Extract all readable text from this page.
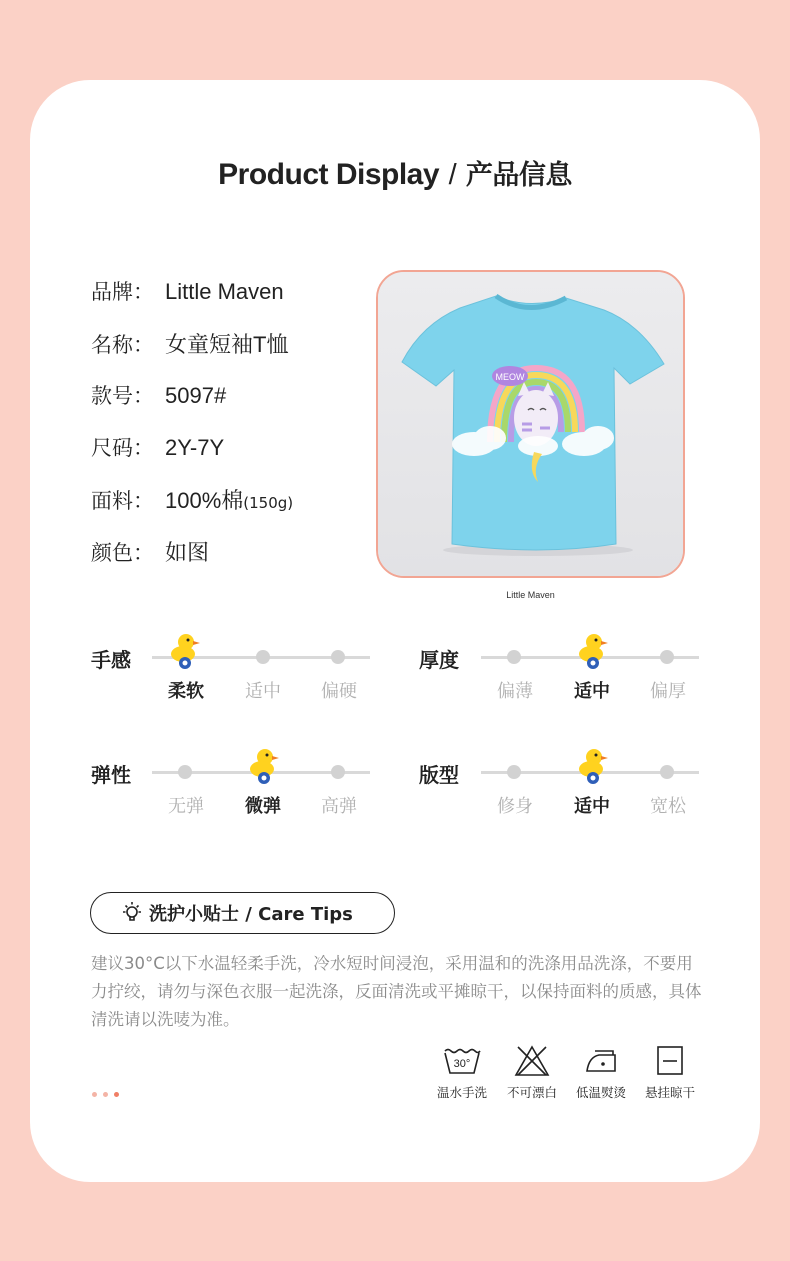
Product Display / 产品信息
品牌： Little Maven
名称： 女童短袖T恤
款号： 5097#
尺码： 2Y-7Y
面料： 100%棉(150g)
颜色： 如图
MEOW
Little Maven
手感
柔软	适中	偏硬
厚度
偏薄	适中	偏厚
弹性
无弹	微弹	高弹
版型
修身	适中	宽松
洗护小贴士 / Care Tips
建议30°C以下水温轻柔手洗，冷水短时间浸泡，采用温和的洗涤用品洗涤，不要用力拧绞，请勿与深色衣服一起洗涤，反面清洗或平摊晾干，以保持面料的质感，具体清洗请以洗唛为准。
30°
温水手洗	不可漂白	低温熨烫	悬挂晾干
